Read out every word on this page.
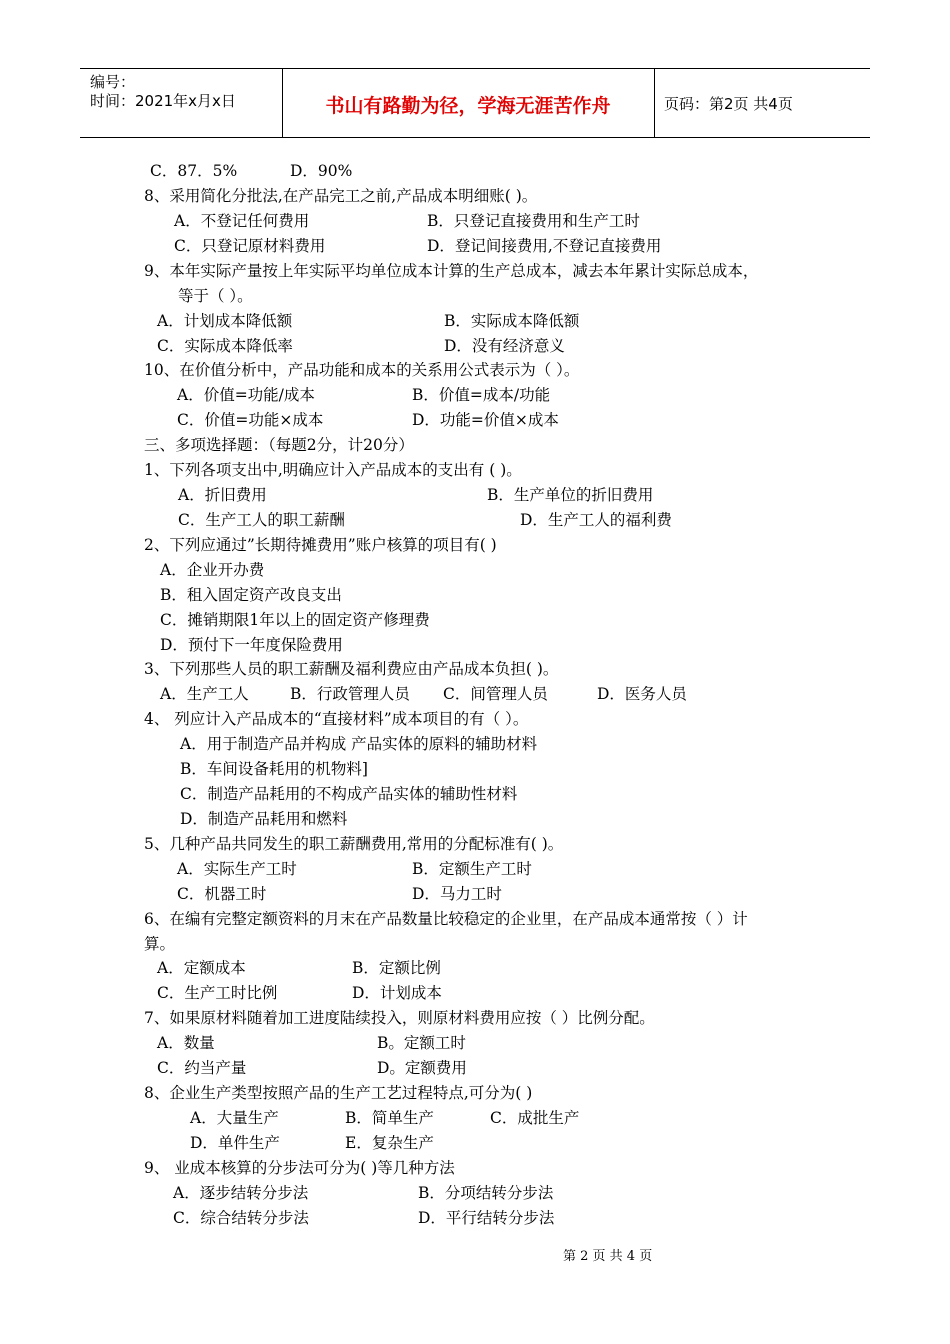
编号：
时间：2021年x月x日	书山有路勤为径，学海无涯苦作舟	页码：第2页 共4页
C．87．5%	D．90%
8、采用简化分批法,在产品完工之前,产品成本明细账( )。
A．不登记任何费用	B．只登记直接费用和生产工时
C．只登记原材料费用	D．登记间接费用,不登记直接费用
9、本年实际产量按上年实际平均单位成本计算的生产总成本，减去本年累计实际总成本，
等于（ ）。
A．计划成本降低额	B．实际成本降低额
C．实际成本降低率	D．没有经济意义
10、在价值分析中，产品功能和成本的关系用公式表示为（ ）。
A．价值=功能/成本	B．价值=成本/功能
C．价值=功能×成本	D．功能=价值×成本
三、多项选择题：（每题2分，计20分）
1、下列各项支出中,明确应计入产品成本的支出有 ( )。
A．折旧费用	B．生产单位的折旧费用
C．生产工人的职工薪酬	D．生产工人的福利费
2、下列应通过”长期待摊费用”账户核算的项目有( )
A．企业开办费
B．租入固定资产改良支出
C．摊销期限1年以上的固定资产修理费
D．预付下一年度保险费用
3、下列那些人员的职工薪酬及福利费应由产品成本负担( )。
A．生产工人	B．行政管理人员 C．间管理人员	D．医务人员
4、 列应计入产品成本的“直接材料”成本项目的有（ ）。
A．用于制造产品并构成 产品实体的原料的辅助材料
B．车间设备耗用的机物料]
C．制造产品耗用的不构成产品实体的辅助性材料
D．制造产品耗用和燃料
5、几种产品共同发生的职工薪酬费用,常用的分配标准有( )。
A．实际生产工时	B．定额生产工时
C．机器工时	D．马力工时
6、在编有完整定额资料的月末在产品数量比较稳定的企业里，在产品成本通常按（ ）计
算。
A．定额成本	B．定额比例
C．生产工时比例	D．计划成本
7、如果原材料随着加工进度陆续投入，则原材料费用应按（ ）比例分配。
A．数量	B。定额工时
C．约当产量	D。定额费用
8、企业生产类型按照产品的生产工艺过程特点,可分为( )
A．大量生产	B．简单生产	C．成批生产
D．单件生产	E．复杂生产
9、 业成本核算的分步法可分为( )等几种方法
A．逐步结转分步法	B．分项结转分步法
C．综合结转分步法	D．平行结转分步法
第 2 页 共 4 页
